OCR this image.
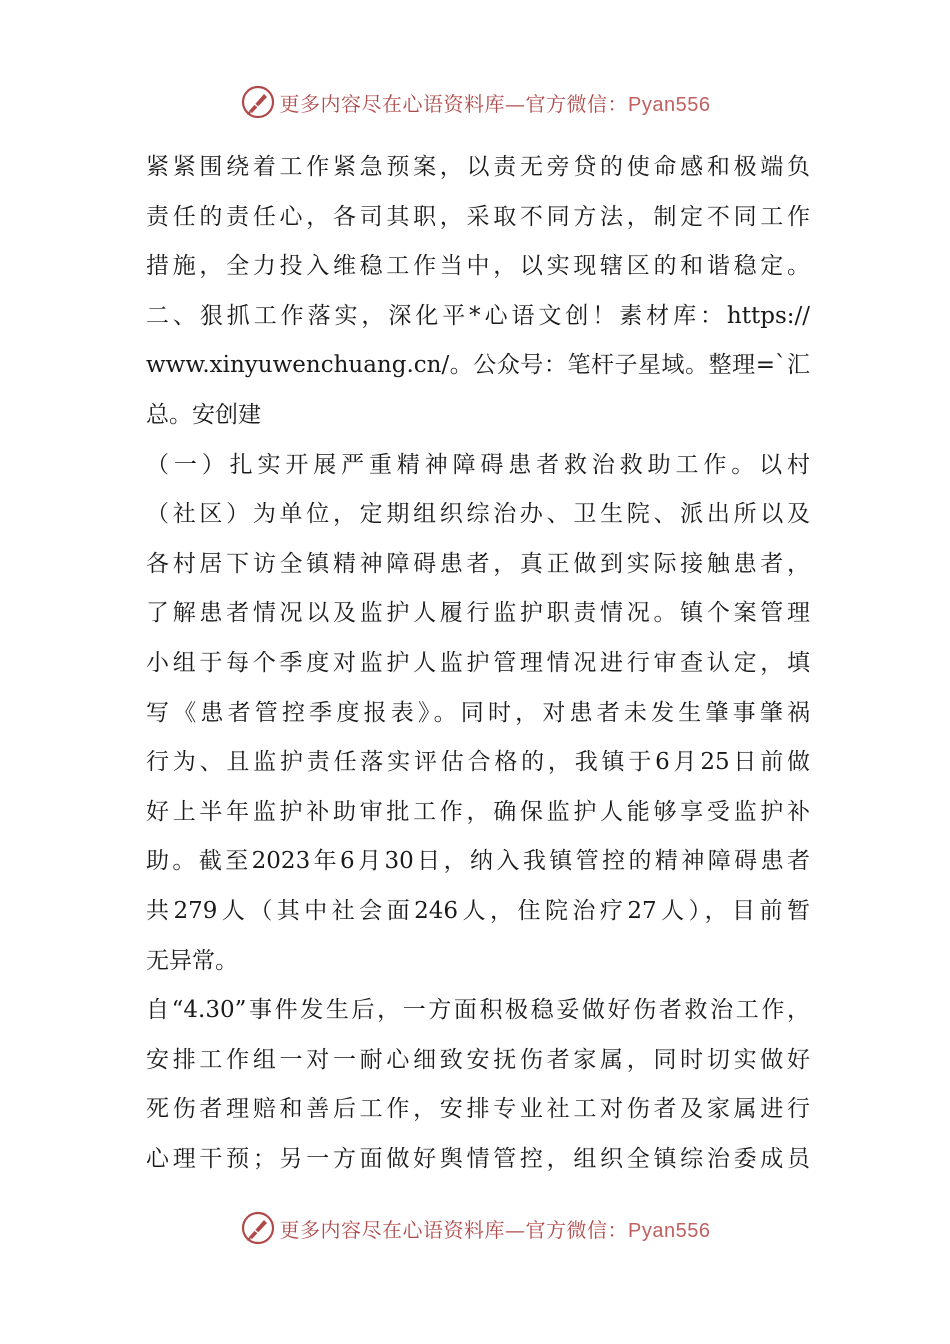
更多内容尽在心语资料库—官方微信：Pyan556
紧紧围绕着工作紧急预案，以责无旁贷的使命感和极端负
责任的责任心，各司其职，采取不同方法，制定不同工作
措施，全力投入维稳工作当中，以实现辖区的和谐稳定。
二、狠抓工作落实，深化平*心语文创！素材库：https://
www.xinyuwenchuang.cn/。公众号：笔杆子星域。整理=`汇
总。安创建
（一）扎实开展严重精神障碍患者救治救助工作。以村
（社区）为单位，定期组织综治办、卫生院、派出所以及
各村居下访全镇精神障碍患者，真正做到实际接触患者，
了解患者情况以及监护人履行监护职责情况。镇个案管理
小组于每个季度对监护人监护管理情况进行审查认定，填
写《患者管控季度报表》。同时，对患者未发生肇事肇祸
行为、且监护责任落实评估合格的，我镇于6月25日前做
好上半年监护补助审批工作，确保监护人能够享受监护补
助。截至2023年6月30日，纳入我镇管控的精神障碍患者
共279人（其中社会面246人，住院治疗27人），目前暂
无异常。
自“4.30”事件发生后，一方面积极稳妥做好伤者救治工作，
安排工作组一对一耐心细致安抚伤者家属，同时切实做好
死伤者理赔和善后工作，安排专业社工对伤者及家属进行
心理干预；另一方面做好舆情管控，组织全镇综治委成员
更多内容尽在心语资料库—官方微信：Pyan556
